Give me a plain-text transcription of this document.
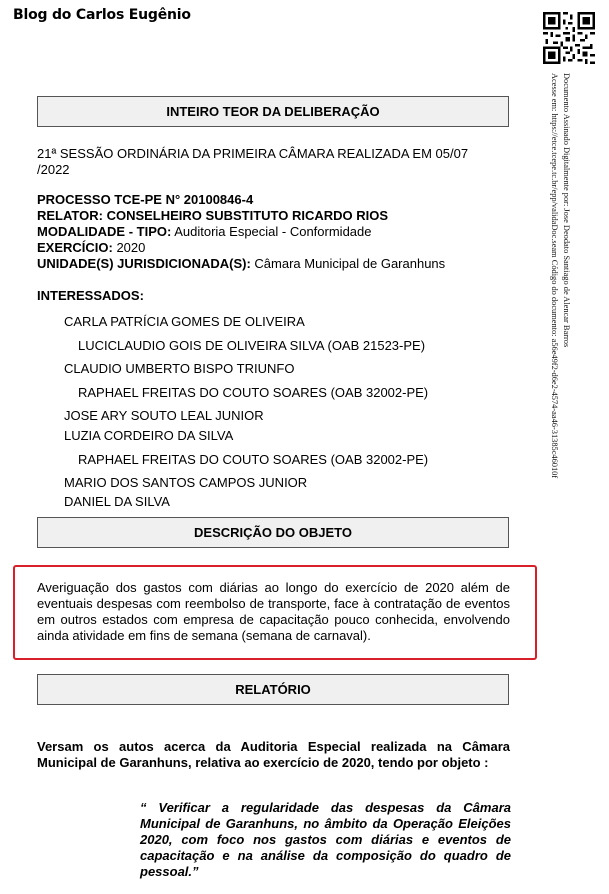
Blog do Carlos Eugênio
Documento Assinado Digitalmente por: Jose Deodato Santiago de Alencar Barros
Acesse em: https://etce.tcepe.tc.br/epp/validaDoc.seam Código do documento: a56e49f2-d6e2-4574-aa46-31385c46010f
INTEIRO TEOR DA DELIBERAÇÃO
21ª SESSÃO ORDINÁRIA DA PRIMEIRA CÂMARA REALIZADA EM 05/07
/2022
PROCESSO TCE-PE N° 20100846-4
RELATOR: CONSELHEIRO SUBSTITUTO RICARDO RIOS
MODALIDADE - TIPO: Auditoria Especial - Conformidade
EXERCÍCIO: 2020
UNIDADE(S) JURISDICIONADA(S): Câmara Municipal de Garanhuns
INTERESSADOS:
CARLA PATRÍCIA GOMES DE OLIVEIRA
LUCICLAUDIO GOIS DE OLIVEIRA SILVA (OAB 21523-PE)
CLAUDIO UMBERTO BISPO TRIUNFO
RAPHAEL FREITAS DO COUTO SOARES (OAB 32002-PE)
JOSE ARY SOUTO LEAL JUNIOR
LUZIA CORDEIRO DA SILVA
RAPHAEL FREITAS DO COUTO SOARES (OAB 32002-PE)
MARIO DOS SANTOS CAMPOS JUNIOR
DANIEL DA SILVA
DESCRIÇÃO DO OBJETO
Averiguação dos gastos com diárias ao longo do exercício de 2020 além de eventuais despesas com reembolso de transporte, face à contratação de eventos em outros estados com empresa de capacitação pouco conhecida, envolvendo ainda atividade em fins de semana (semana de carnaval).
RELATÓRIO
Versam os autos acerca da Auditoria Especial realizada na Câmara Municipal de Garanhuns, relativa ao exercício de 2020, tendo por objeto :
“ Verificar a regularidade das despesas da Câmara Municipal de Garanhuns, no âmbito da Operação Eleições 2020, com foco nos gastos com diárias e eventos de capacitação e na análise da composição do quadro de pessoal.”
